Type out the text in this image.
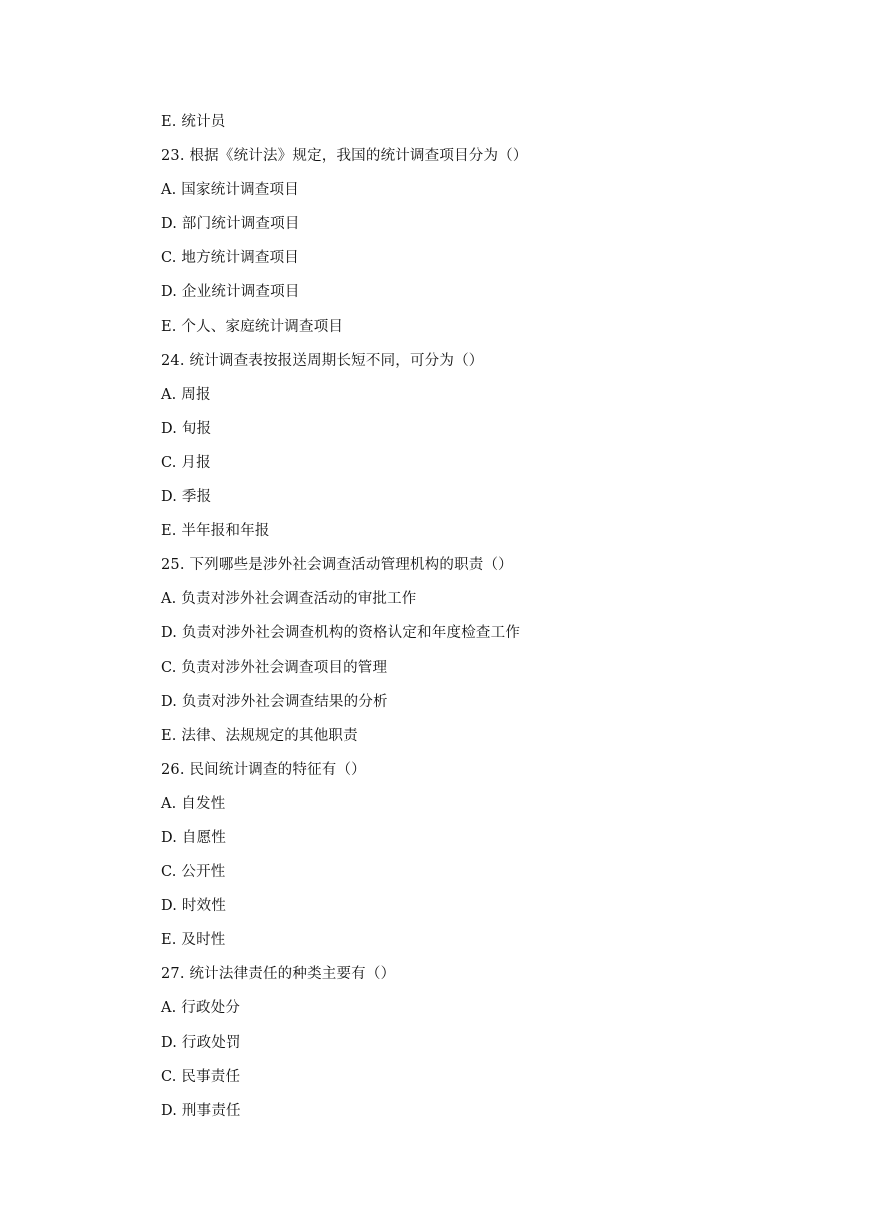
E. 统计员
23. 根据《统计法》规定，我国的统计调查项目分为（）
A. 国家统计调查项目
D. 部门统计调查项目
C. 地方统计调查项目
D. 企业统计调查项目
E. 个人、家庭统计调查项目
24. 统计调查表按报送周期长短不同，可分为（）
A. 周报
D. 旬报
C. 月报
D. 季报
E. 半年报和年报
25. 下列哪些是涉外社会调查活动管理机构的职责（）
A. 负责对涉外社会调查活动的审批工作
D. 负责对涉外社会调查机构的资格认定和年度检查工作
C. 负责对涉外社会调查项目的管理
D. 负责对涉外社会调查结果的分析
E. 法律、法规规定的其他职责
26. 民间统计调查的特征有（）
A. 自发性
D. 自愿性
C. 公开性
D. 时效性
E. 及时性
27. 统计法律责任的种类主要有（）
A. 行政处分
D. 行政处罚
C. 民事责任
D. 刑事责任
